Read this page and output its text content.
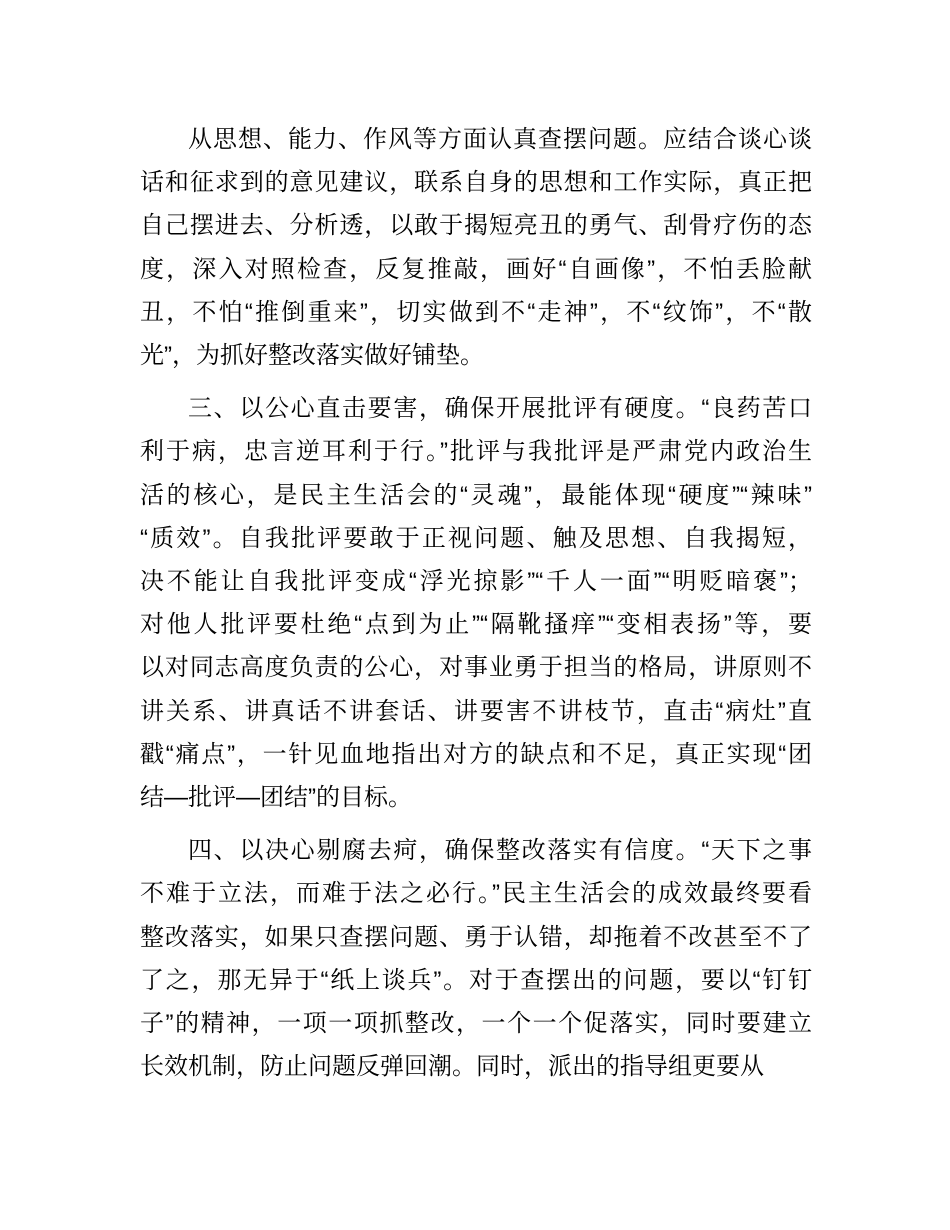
从思想、能力、作风等方面认真查摆问题。应结合谈心谈
话和征求到的意见建议，联系自身的思想和工作实际，真正把
自己摆进去、分析透，以敢于揭短亮丑的勇气、刮骨疗伤的态
度，深入对照检查，反复推敲，画好“自画像”，不怕丢脸献
丑，不怕“推倒重来”，切实做到不“走神”，不“纹饰”，不“散
光”，为抓好整改落实做好铺垫。
三、以公心直击要害，确保开展批评有硬度。“良药苦口
利于病，忠言逆耳利于行。”批评与我批评是严肃党内政治生
活的核心，是民主生活会的“灵魂”，最能体现“硬度”“辣味”
“质效”。自我批评要敢于正视问题、触及思想、自我揭短，
决不能让自我批评变成“浮光掠影”“千人一面”“明贬暗褒”；
对他人批评要杜绝“点到为止”“隔靴搔痒”“变相表扬”等，要
以对同志高度负责的公心，对事业勇于担当的格局，讲原则不
讲关系、讲真话不讲套话、讲要害不讲枝节，直击“病灶”直
戳“痛点”，一针见血地指出对方的缺点和不足，真正实现“团
结—批评—团结”的目标。
四、以决心剔腐去疴，确保整改落实有信度。“天下之事
不难于立法，而难于法之必行。”民主生活会的成效最终要看
整改落实，如果只查摆问题、勇于认错，却拖着不改甚至不了
了之，那无异于“纸上谈兵”。对于查摆出的问题，要以“钉钉
子”的精神，一项一项抓整改，一个一个促落实，同时要建立
长效机制，防止问题反弹回潮。同时，派出的指导组更要从
